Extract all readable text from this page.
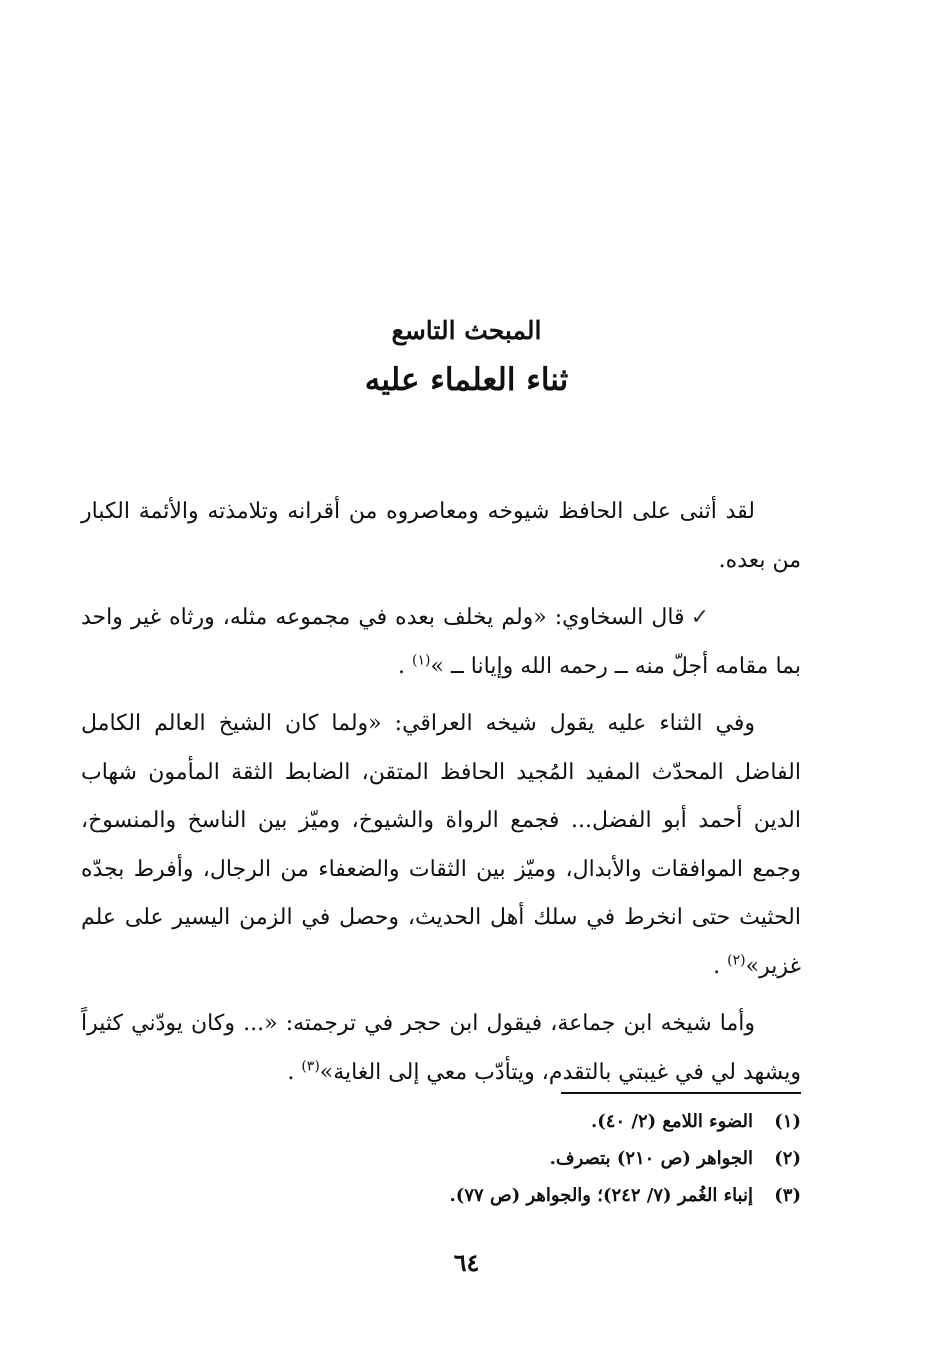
المبحث التاسع
ثناء العلماء عليه

لقد أثنى على الحافظ شيوخه ومعاصروه من أقرانه وتلامذته والأئمة الكبار من بعده.

✓قال السخاوي: «ولم يخلف بعده في مجموعه مثله، ورثاه غير واحد بما مقامه أجلّ منه ــ رحمه الله وإيانا ــ »$^{(١)}$ .

وفي الثناء عليه يقول شيخه العراقي: «ولما كان الشيخ العالم الكامل الفاضل المحدّث المفيد المُجيد الحافظ المتقن، الضابط الثقة المأمون شهاب الدين أحمد أبو الفضل... فجمع الرواة والشيوخ، وميّز بين الناسخ والمنسوخ، وجمع الموافقات والأبدال، وميّز بين الثقات والضعفاء من الرجال، وأفرط بجدّه الحثيث حتى انخرط في سلك أهل الحديث، وحصل في الزمن اليسير على علم غزير»$^{(٢)}$ .

وأما شيخه ابن جماعة، فيقول ابن حجر في ترجمته: «... وكان يودّني كثيراً ويشهد لي في غيبتي بالتقدم، ويتأدّب معي إلى الغاية»$^{(٣)}$ .

(١)
الضوء اللامع (٢/ ٤٠).
(٢)
الجواهر (ص ٢١٠) بتصرف.
(٣)
إنباء الغُمر (٧/ ٢٤٢)؛ والجواهر (ص ٧٧).
٦٤
